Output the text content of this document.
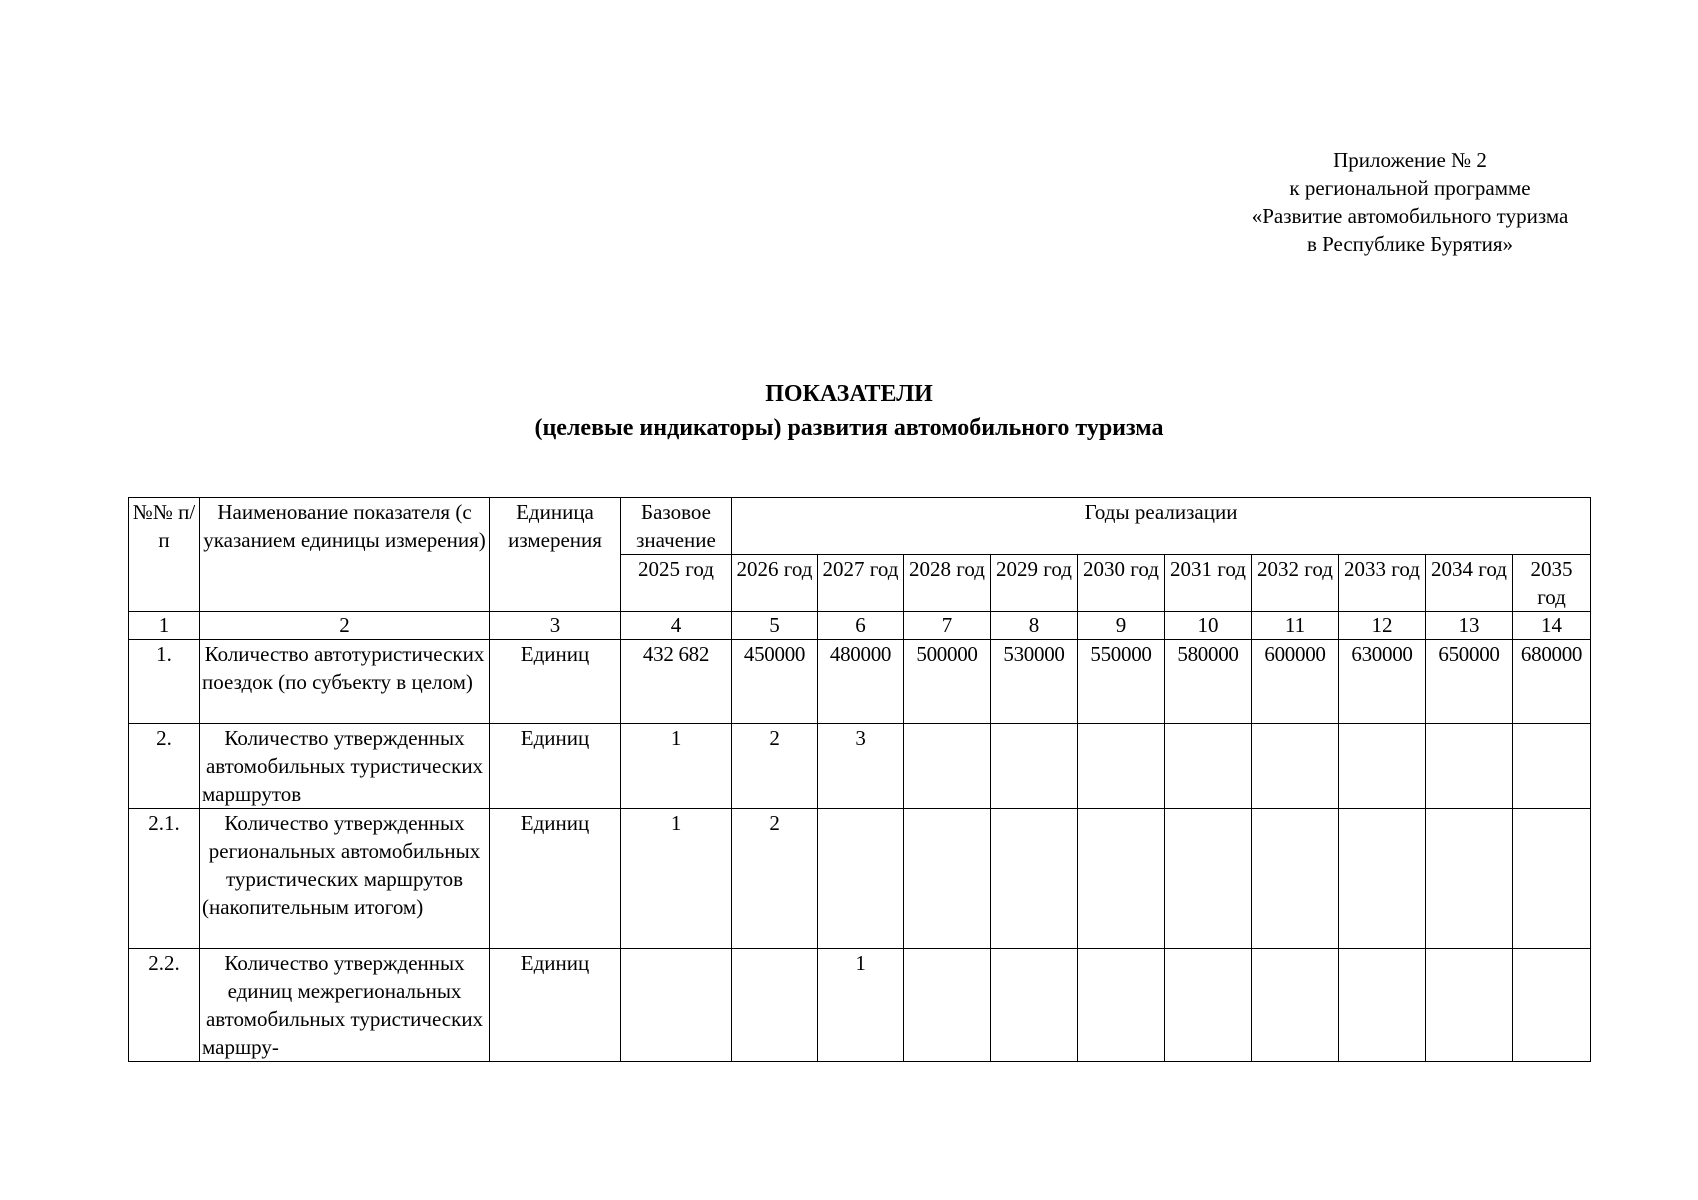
Приложение № 2
к региональной программе
«Развитие автомобильного туризма
в Республике Бурятия»
ПОКАЗАТЕЛИ
(целевые индикаторы) развития автомобильного туризма
№№ п/п	Наименование показателя (с указанием единицы измерения)	Единица измерения	Базовое значение	Годы реализации									
			2025 год	2026 год	2027 год	2028 год	2029 год	2030 год	2031 год	2032 год	2033 год	2034 год	2035 год
1	2	3	4	5	6	7	8	9	10	11	12	13	14
1.	Количество автотуристических поездок (по субъекту в целом)	Единиц	432 682	450000	480000	500000	530000	550000	580000	600000	630000	650000	680000
2.	Количество утвержденных автомобильных туристических маршрутов	Единиц	1	2	3								
2.1.	Количество утвержденных региональных автомобильных туристических маршрутов (накопительным итогом)	Единиц	1	2									
2.2.	Количество утвержденных единиц межрегиональных автомобильных туристических маршру-	Единиц			1								
